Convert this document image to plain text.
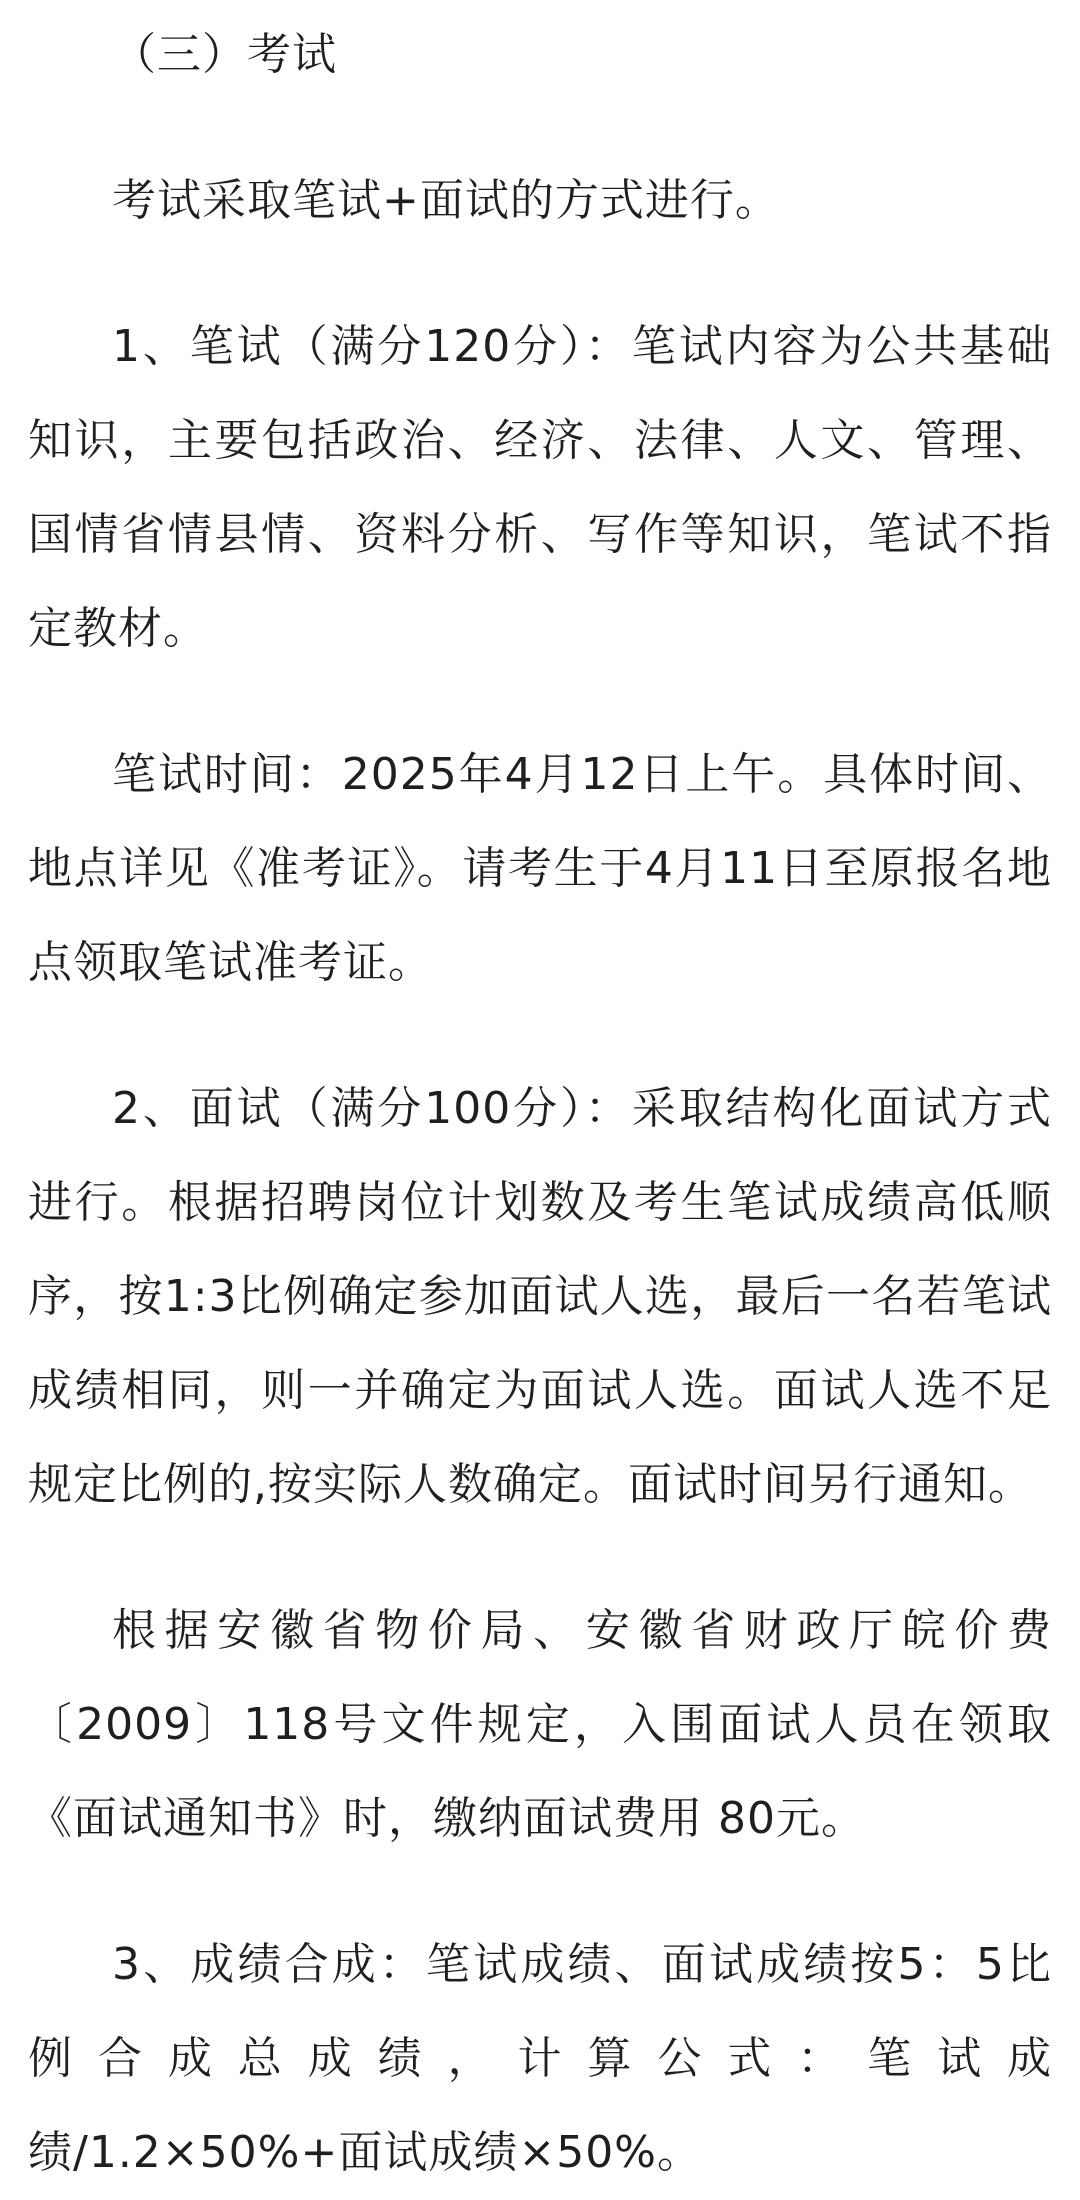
（三）考试

考试采取笔试+面试的方式进行。

1、笔试（满分120分）：笔试内容为公共基础知识，主要包括政治、经济、法律、人文、管理、国情省情县情、资料分析、写作等知识，笔试不指定教材。

笔试时间：2025年4月12日上午。具体时间、地点详见《准考证》。请考生于4月11日至原报名地点领取笔试准考证。

2、面试（满分100分）：采取结构化面试方式进行。根据招聘岗位计划数及考生笔试成绩高低顺序，按1:3比例确定参加面试人选，最后一名若笔试成绩相同，则一并确定为面试人选。面试人选不足规定比例的,按实际人数确定。面试时间另行通知。

根据安徽省物价局、安徽省财政厅皖价费〔2009〕118号文件规定，入围面试人员在领取《面试通知书》时，缴纳面试费用 80元。

3、成绩合成：笔试成绩、面试成绩按5：5比例合成总成绩，计算公式：笔试成绩/1.2×50%+面试成绩×50%。
